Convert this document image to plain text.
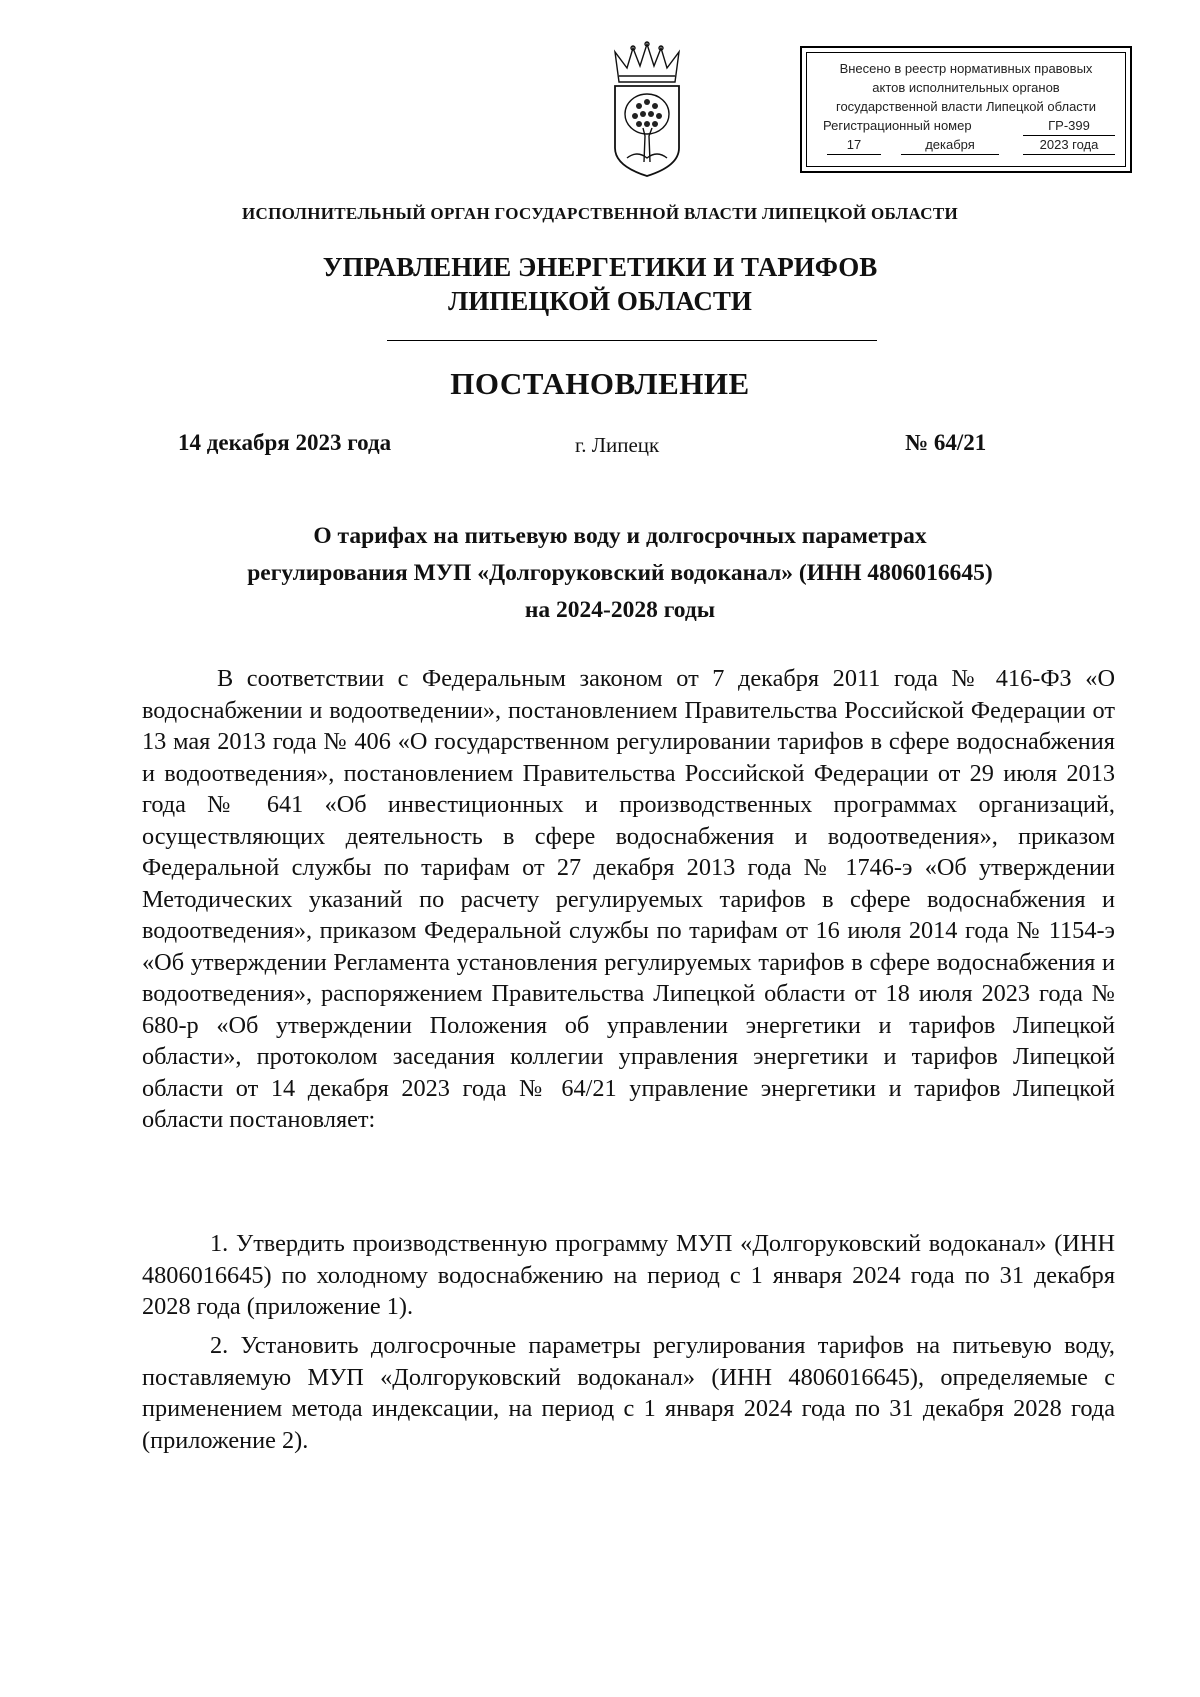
Внесено в реестр нормативных правовых
актов исполнительных органов
государственной власти Липецкой области
Регистрационный номер	ГР-399
17	декабря	2023 года
ИСПОЛНИТЕЛЬНЫЙ ОРГАН ГОСУДАРСТВЕННОЙ ВЛАСТИ ЛИПЕЦКОЙ ОБЛАСТИ
УПРАВЛЕНИЕ ЭНЕРГЕТИКИ И ТАРИФОВ
ЛИПЕЦКОЙ ОБЛАСТИ
ПОСТАНОВЛЕНИЕ
14 декабря 2023 года	г. Липецк	№ 64/21
О тарифах на питьевую воду и долгосрочных параметрах
регулирования МУП «Долгоруковский водоканал» (ИНН 4806016645)
на 2024-2028 годы
В соответствии с Федеральным законом от 7 декабря 2011 года № 416-ФЗ «О водоснабжении и водоотведении», постановлением Правительства Российской Федерации от 13 мая 2013 года № 406 «О государственном регулировании тарифов в сфере водоснабжения и водоотведения», постановлением Правительства Российской Федерации от 29 июля 2013 года № 641 «Об инвестиционных и производственных программах организаций, осуществляющих деятельность в сфере водоснабжения и водоотведения», приказом Федеральной службы по тарифам от 27 декабря 2013 года № 1746-э «Об утверждении Методических указаний по расчету регулируемых тарифов в сфере водоснабжения и водоотведения», приказом Федеральной службы по тарифам от 16 июля 2014 года № 1154-э «Об утверждении Регламента установления регулируемых тарифов в сфере водоснабжения и водоотведения», распоряжением Правительства Липецкой области от 18 июля 2023 года № 680-р «Об утверждении Положения об управлении энергетики и тарифов Липецкой области», протоколом заседания коллегии управления энергетики и тарифов Липецкой области от 14 декабря 2023 года № 64/21 управление энергетики и тарифов Липецкой области постановляет:
1. Утвердить производственную программу МУП «Долгоруковский водоканал» (ИНН 4806016645) по холодному водоснабжению на период с 1 января 2024 года по 31 декабря 2028 года (приложение 1).
2. Установить долгосрочные параметры регулирования тарифов на питьевую воду, поставляемую МУП «Долгоруковский водоканал» (ИНН 4806016645), определяемые с применением метода индексации, на период с 1 января 2024 года по 31 декабря 2028 года (приложение 2).
